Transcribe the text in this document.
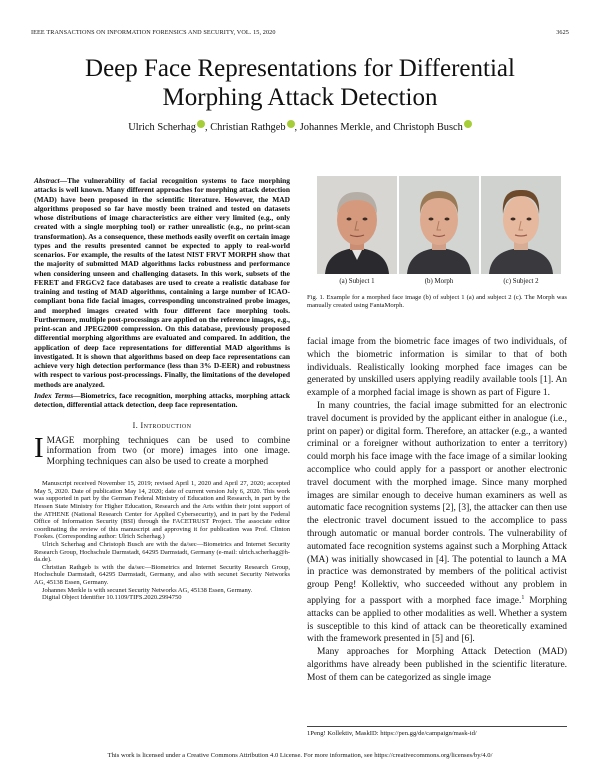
IEEE TRANSACTIONS ON INFORMATION FORENSICS AND SECURITY, VOL. 15, 2020	3625
Deep Face Representations for Differential
Morphing Attack Detection
Ulrich Scherhag , Christian Rathgeb , Johannes Merkle, and Christoph Busch
Abstract—The vulnerability of facial recognition systems to face morphing attacks is well known. Many different approaches for morphing attack detection (MAD) have been proposed in the scientific literature. However, the MAD algorithms proposed so far have mostly been trained and tested on datasets whose distributions of image characteristics are either very limited (e.g., only created with a single morphing tool) or rather unrealistic (e.g., no print-scan transformation). As a consequence, these methods easily overfit on certain image types and the results presented cannot be expected to apply to real-world scenarios. For example, the results of the latest NIST FRVT MORPH show that the majority of submitted MAD algorithms lacks robustness and performance when considering unseen and challenging datasets. In this work, subsets of the FERET and FRGCv2 face databases are used to create a realistic database for training and testing of MAD algorithms, containing a large number of ICAO-compliant bona fide facial images, corresponding unconstrained probe images, and morphed images created with four different face morphing tools. Furthermore, multiple post-processings are applied on the reference images, e.g., print-scan and JPEG2000 compression. On this database, previously proposed differential morphing algorithms are evaluated and compared. In addition, the application of deep face representations for differential MAD algorithms is investigated. It is shown that algorithms based on deep face representations can achieve very high detection performance (less than 3% D-EER) and robustness with respect to various post-processings. Finally, the limitations of the developed methods are analyzed.
Index Terms—Biometrics, face recognition, morphing attacks, morphing attack detection, differential attack detection, deep face representation.
I. Introduction

IMAGE morphing techniques can be used to combine information from two (or more) images into one image. Morphing techniques can also be used to create a morphed

Manuscript received November 15, 2019; revised April 1, 2020 and April 27, 2020; accepted May 5, 2020. Date of publication May 14, 2020; date of current version July 6, 2020. This work was supported in part by the German Federal Ministry of Education and Research, in part by the Hessen State Ministry for Higher Education, Research and the Arts within their joint support of the ATHENE (National Research Center for Applied Cybersecurity), and in part by the Federal Office of Information Security (BSI) through the FACETRUST Project. The associate editor coordinating the review of this manuscript and approving it for publication was Prof. Clinton Fookes. (Corresponding author: Ulrich Scherhag.)

Ulrich Scherhag and Christoph Busch are with the da/sec—Biometrics and Internet Security Research Group, Hochschule Darmstadt, 64295 Darmstadt, Germany (e-mail: ulrich.scherhag@h-da.de).

Christian Rathgeb is with the da/sec—Biometrics and Internet Security Research Group, Hochschule Darmstadt, 64295 Darmstadt, Germany, and also with secunet Security Networks AG, 45138 Essen, Germany.

Johannes Merkle is with secunet Security Networks AG, 45138 Essen, Germany.

Digital Object Identifier 10.1109/TIFS.2020.2994750

(a) Subject 1	(b) Morph	(c) Subject 2
Fig. 1. Example for a morphed face image (b) of subject 1 (a) and subject 2 (c). The Morph was manually created using FantaMorph.

facial image from the biometric face images of two individuals, of which the biometric information is similar to that of both individuals. Realistically looking morphed face images can be generated by unskilled users applying readily available tools [1]. An example of a morphed facial image is shown as part of Figure 1.

In many countries, the facial image submitted for an electronic travel document is provided by the applicant either in analogue (i.e., print on paper) or digital form. Therefore, an attacker (e.g., a wanted criminal or a foreigner without authorization to enter a territory) could morph his face image with the face image of a similar looking accomplice who could apply for a passport or another electronic travel document with the morphed image. Since many morphed images are similar enough to deceive human examiners as well as automatic face recognition systems [2], [3], the attacker can then use the electronic travel document issued to the accomplice to pass through automatic or manual border controls. The vulnerability of automated face recognition systems against such a Morphing Attack (MA) was initially showcased in [4]. The potential to launch a MA in practice was demonstrated by members of the political activist group Peng! Kollektiv, who succeeded without any problem in applying for a passport with a morphed face image.$^1$ Morphing attacks can be applied to other modalities as well. Whether a system is susceptible to this kind of attack can be theoretically examined with the framework presented in [5] and [6].

Many approaches for Morphing Attack Detection (MAD) algorithms have already been published in the scientific literature. Most of them can be categorized as single image

1Peng! Kollektiv, MaskID: https://pen.gg/de/campaign/mask-id/
This work is licensed under a Creative Commons Attribution 4.0 License. For more information, see https://creativecommons.org/licenses/by/4.0/
